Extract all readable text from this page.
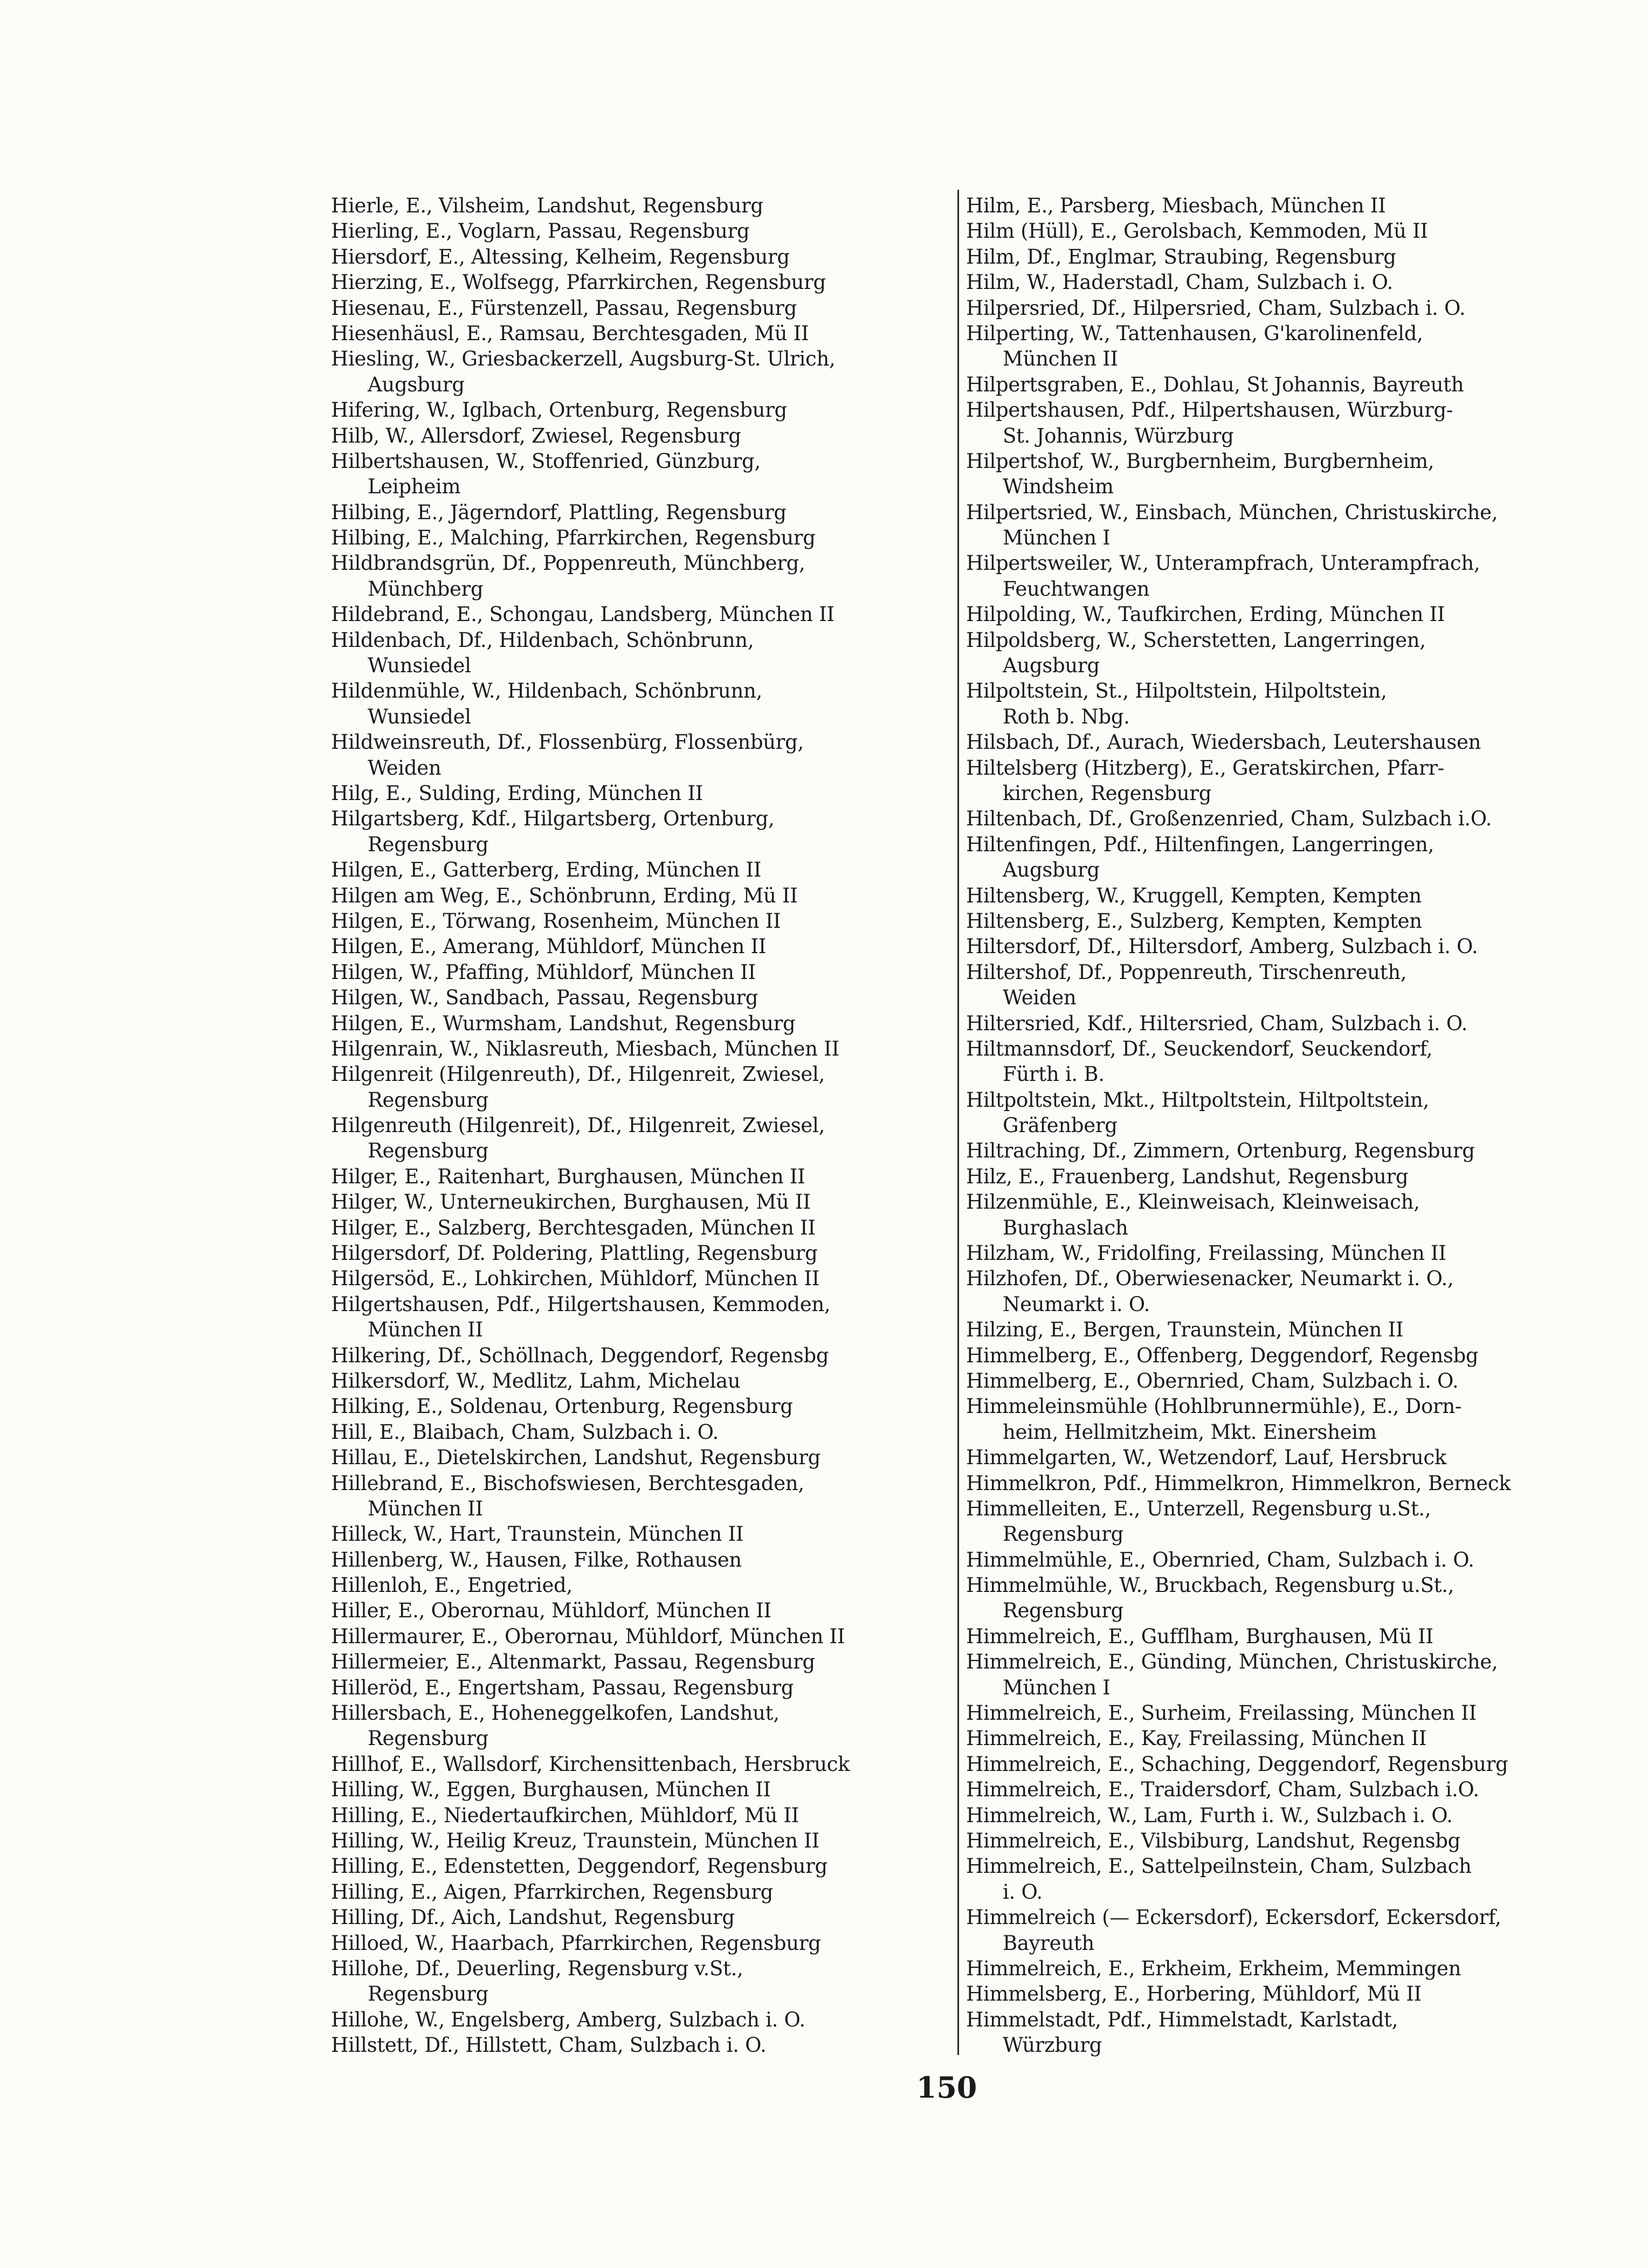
Hierle, E., Vilsheim, Landshut, Regensburg
Hierling, E., Voglarn, Passau, Regensburg
Hiersdorf, E., Altessing, Kelheim, Regensburg
Hierzing, E., Wolfsegg, Pfarrkirchen, Regensburg
Hiesenau, E., Fürstenzell, Passau, Regensburg
Hiesenhäusl, E., Ramsau, Berchtesgaden, Mü II
Hiesling, W., Griesbackerzell, Augsburg-St. Ulrich,
Augsburg
Hifering, W., Iglbach, Ortenburg, Regensburg
Hilb, W., Allersdorf, Zwiesel, Regensburg
Hilbertshausen, W., Stoffenried, Günzburg,
Leipheim
Hilbing, E., Jägerndorf, Plattling, Regensburg
Hilbing, E., Malching, Pfarrkirchen, Regensburg
Hildbrandsgrün, Df., Poppenreuth, Münchberg,
Münchberg
Hildebrand, E., Schongau, Landsberg, München II
Hildenbach, Df., Hildenbach, Schönbrunn,
Wunsiedel
Hildenmühle, W., Hildenbach, Schönbrunn,
Wunsiedel
Hildweinsreuth, Df., Flossenbürg, Flossenbürg,
Weiden
Hilg, E., Sulding, Erding, München II
Hilgartsberg, Kdf., Hilgartsberg, Ortenburg,
Regensburg
Hilgen, E., Gatterberg, Erding, München II
Hilgen am Weg, E., Schönbrunn, Erding, Mü II
Hilgen, E., Törwang, Rosenheim, München II
Hilgen, E., Amerang, Mühldorf, München II
Hilgen, W., Pfaffing, Mühldorf, München II
Hilgen, W., Sandbach, Passau, Regensburg
Hilgen, E., Wurmsham, Landshut, Regensburg
Hilgenrain, W., Niklasreuth, Miesbach, München II
Hilgenreit (Hilgenreuth), Df., Hilgenreit, Zwiesel,
Regensburg
Hilgenreuth (Hilgenreit), Df., Hilgenreit, Zwiesel,
Regensburg
Hilger, E., Raitenhart, Burghausen, München II
Hilger, W., Unterneukirchen, Burghausen, Mü II
Hilger, E., Salzberg, Berchtesgaden, München II
Hilgersdorf, Df. Poldering, Plattling, Regensburg
Hilgersöd, E., Lohkirchen, Mühldorf, München II
Hilgertshausen, Pdf., Hilgertshausen, Kemmoden,
München II
Hilkering, Df., Schöllnach, Deggendorf, Regensbg
Hilkersdorf, W., Medlitz, Lahm, Michelau
Hilking, E., Soldenau, Ortenburg, Regensburg
Hill, E., Blaibach, Cham, Sulzbach i. O.
Hillau, E., Dietelskirchen, Landshut, Regensburg
Hillebrand, E., Bischofswiesen, Berchtesgaden,
München II
Hilleck, W., Hart, Traunstein, München II
Hillenberg, W., Hausen, Filke, Rothausen
Hillenloh, E., Engetried,
Hiller, E., Oberornau, Mühldorf, München II
Hillermaurer, E., Oberornau, Mühldorf, München II
Hillermeier, E., Altenmarkt, Passau, Regensburg
Hilleröd, E., Engertsham, Passau, Regensburg
Hillersbach, E., Hoheneggelkofen, Landshut,
Regensburg
Hillhof, E., Wallsdorf, Kirchensittenbach, Hersbruck
Hilling, W., Eggen, Burghausen, München II
Hilling, E., Niedertaufkirchen, Mühldorf, Mü II
Hilling, W., Heilig Kreuz, Traunstein, München II
Hilling, E., Edenstetten, Deggendorf, Regensburg
Hilling, E., Aigen, Pfarrkirchen, Regensburg
Hilling, Df., Aich, Landshut, Regensburg
Hilloed, W., Haarbach, Pfarrkirchen, Regensburg
Hillohe, Df., Deuerling, Regensburg v.St.,
Regensburg
Hillohe, W., Engelsberg, Amberg, Sulzbach i. O.
Hillstett, Df., Hillstett, Cham, Sulzbach i. O.
Hilm, E., Parsberg, Miesbach, München II
Hilm (Hüll), E., Gerolsbach, Kemmoden, Mü II
Hilm, Df., Englmar, Straubing, Regensburg
Hilm, W., Haderstadl, Cham, Sulzbach i. O.
Hilpersried, Df., Hilpersried, Cham, Sulzbach i. O.
Hilperting, W., Tattenhausen, G'karolinenfeld,
München II
Hilpertsgraben, E., Dohlau, St Johannis, Bayreuth
Hilpertshausen, Pdf., Hilpertshausen, Würzburg-
St. Johannis, Würzburg
Hilpertshof, W., Burgbernheim, Burgbernheim,
Windsheim
Hilpertsried, W., Einsbach, München, Christuskirche,
München I
Hilpertsweiler, W., Unterampfrach, Unterampfrach,
Feuchtwangen
Hilpolding, W., Taufkirchen, Erding, München II
Hilpoldsberg, W., Scherstetten, Langerringen,
Augsburg
Hilpoltstein, St., Hilpoltstein, Hilpoltstein,
Roth b. Nbg.
Hilsbach, Df., Aurach, Wiedersbach, Leutershausen
Hiltelsberg (Hitzberg), E., Geratskirchen, Pfarr-
kirchen, Regensburg
Hiltenbach, Df., Großenzenried, Cham, Sulzbach i.O.
Hiltenfingen, Pdf., Hiltenfingen, Langerringen,
Augsburg
Hiltensberg, W., Kruggell, Kempten, Kempten
Hiltensberg, E., Sulzberg, Kempten, Kempten
Hiltersdorf, Df., Hiltersdorf, Amberg, Sulzbach i. O.
Hiltershof, Df., Poppenreuth, Tirschenreuth,
Weiden
Hiltersried, Kdf., Hiltersried, Cham, Sulzbach i. O.
Hiltmannsdorf, Df., Seuckendorf, Seuckendorf,
Fürth i. B.
Hiltpoltstein, Mkt., Hiltpoltstein, Hiltpoltstein,
Gräfenberg
Hiltraching, Df., Zimmern, Ortenburg, Regensburg
Hilz, E., Frauenberg, Landshut, Regensburg
Hilzenmühle, E., Kleinweisach, Kleinweisach,
Burghaslach
Hilzham, W., Fridolfing, Freilassing, München II
Hilzhofen, Df., Oberwiesenacker, Neumarkt i. O.,
Neumarkt i. O.
Hilzing, E., Bergen, Traunstein, München II
Himmelberg, E., Offenberg, Deggendorf, Regensbg
Himmelberg, E., Obernried, Cham, Sulzbach i. O.
Himmeleinsmühle (Hohlbrunnermühle), E., Dorn-
heim, Hellmitzheim, Mkt. Einersheim
Himmelgarten, W., Wetzendorf, Lauf, Hersbruck
Himmelkron, Pdf., Himmelkron, Himmelkron, Berneck
Himmelleiten, E., Unterzell, Regensburg u.St.,
Regensburg
Himmelmühle, E., Obernried, Cham, Sulzbach i. O.
Himmelmühle, W., Bruckbach, Regensburg u.St.,
Regensburg
Himmelreich, E., Gufflham, Burghausen, Mü II
Himmelreich, E., Günding, München, Christuskirche,
München I
Himmelreich, E., Surheim, Freilassing, München II
Himmelreich, E., Kay, Freilassing, München II
Himmelreich, E., Schaching, Deggendorf, Regensburg
Himmelreich, E., Traidersdorf, Cham, Sulzbach i.O.
Himmelreich, W., Lam, Furth i. W., Sulzbach i. O.
Himmelreich, E., Vilsbiburg, Landshut, Regensbg
Himmelreich, E., Sattelpeilnstein, Cham, Sulzbach
i. O.
Himmelreich (— Eckersdorf), Eckersdorf, Eckersdorf,
Bayreuth
Himmelreich, E., Erkheim, Erkheim, Memmingen
Himmelsberg, E., Horbering, Mühldorf, Mü II
Himmelstadt, Pdf., Himmelstadt, Karlstadt,
Würzburg
150
